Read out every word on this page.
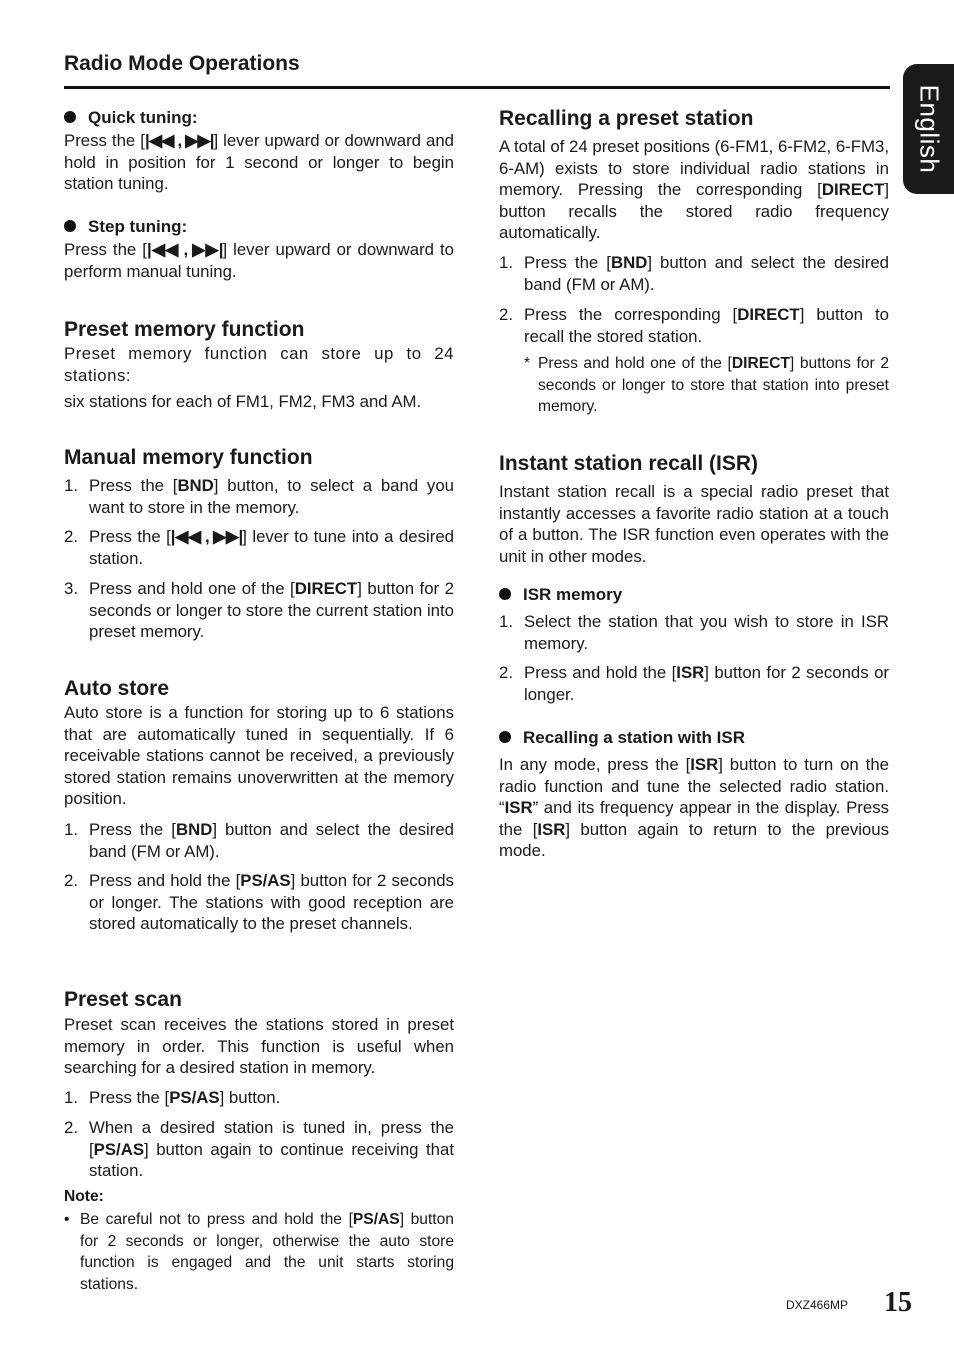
Radio Mode Operations
English
Quick tuning:
Press the [|◀◀ , ▶▶|] lever upward or downward and hold in position for 1 second or longer to begin station tuning.
Step tuning:
Press the [|◀◀ , ▶▶|] lever upward or downward to perform manual tuning.
Preset memory function
Preset memory function can store up to 24 stations:
six stations for each of FM1, FM2, FM3 and AM.
Manual memory function
1. Press the [BND] button, to select a band you want to store in the memory.
2. Press the [|◀◀ , ▶▶|] lever to tune into a desired station.
3. Press and hold one of the [DIRECT] button for 2 seconds or longer to store the current station into preset memory.
Auto store
Auto store is a function for storing up to 6 stations that are automatically tuned in sequentially. If 6 receivable stations cannot be received, a previously stored station remains unoverwritten at the memory position.
1. Press the [BND] button and select the desired band (FM or AM).
2. Press and hold the [PS/AS] button for 2 seconds or longer. The stations with good reception are stored automatically to the preset channels.
Preset scan
Preset scan receives the stations stored in preset memory in order. This function is useful when searching for a desired station in memory.
1. Press the [PS/AS] button.
2. When a desired station is tuned in, press the [PS/AS] button again to continue receiving that station.
Note:
• Be careful not to press and hold the [PS/AS] button for 2 seconds or longer, otherwise the auto store function is engaged and the unit starts storing stations.
Recalling a preset station
A total of 24 preset positions (6-FM1, 6-FM2, 6-FM3, 6-AM) exists to store individual radio stations in memory. Pressing the corresponding [DIRECT] button recalls the stored radio frequency automatically.
1. Press the [BND] button and select the desired band (FM or AM).
2. Press the corresponding [DIRECT] button to recall the stored station.
* Press and hold one of the [DIRECT] buttons for 2 seconds or longer to store that station into preset memory.
Instant station recall (ISR)
Instant station recall is a special radio preset that instantly accesses a favorite radio station at a touch of a button. The ISR function even operates with the unit in other modes.
ISR memory
1. Select the station that you wish to store in ISR memory.
2. Press and hold the [ISR] button for 2 seconds or longer.
Recalling a station with ISR
In any mode, press the [ISR] button to turn on the radio function and tune the selected radio station. “ISR” and its frequency appear in the display. Press the [ISR] button again to return to the previous mode.
DXZ466MP 15
